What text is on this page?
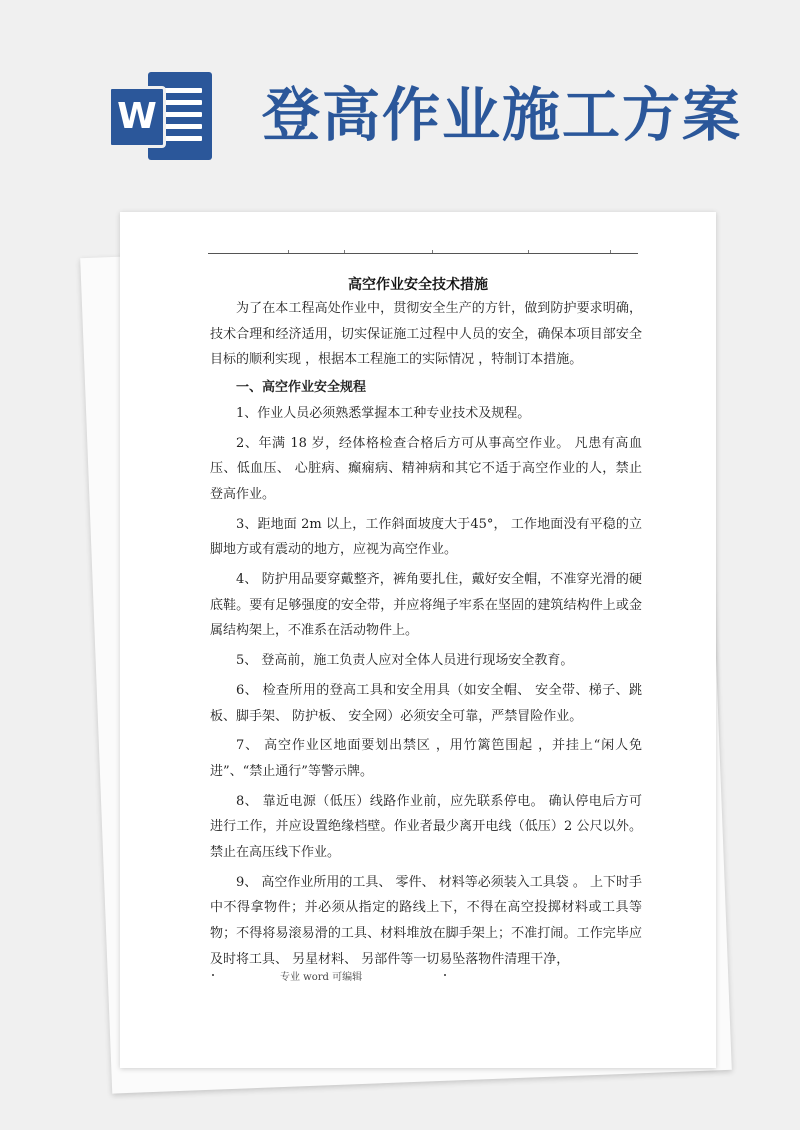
W 登高作业施工方案
高空作业安全技术措施

为了在本工程高处作业中，贯彻安全生产的方针，做到防护要求明确，技术合理和经济适用，切实保证施工过程中人员的安全，确保本项目部安全目标的顺利实现 ，根据本工程施工的实际情况 ，特制订本措施。

一、高空作业安全规程

1、作业人员必须熟悉掌握本工种专业技术及规程。

2、年满 18 岁，经体格检查合格后方可从事高空作业。 凡患有高血压、低血压、 心脏病、癫痫病、精神病和其它不适于高空作业的人，禁止登高作业。

3、距地面 2m 以上，工作斜面坡度大于45°， 工作地面没有平稳的立脚地方或有震动的地方，应视为高空作业。

4、 防护用品要穿戴整齐，裤角要扎住，戴好安全帽，不准穿光滑的硬底鞋。要有足够强度的安全带，并应将绳子牢系在坚固的建筑结构件上或金属结构架上，不准系在活动物件上。

5、 登高前，施工负责人应对全体人员进行现场安全教育。

6、 检查所用的登高工具和安全用具（如安全帽、 安全带、梯子、跳板、脚手架、 防护板、 安全网）必须安全可靠，严禁冒险作业。

7、 高空作业区地面要划出禁区 ，用竹篱笆围起 ，并挂上“闲人免进”、“禁止通行”等警示牌。

8、 靠近电源（低压）线路作业前，应先联系停电。 确认停电后方可进行工作，并应设置绝缘档壁。作业者最少离开电线（低压）2 公尺以外。禁止在高压线下作业。

9、 高空作业所用的工具、 零件、 材料等必须装入工具袋 。 上下时手中不得拿物件；并必须从指定的路线上下，不得在高空投掷材料或工具等物；不得将易滚易滑的工具、材料堆放在脚手架上；不准打闹。工作完毕应及时将工具、 另星材料、 另部件等一切易坠落物件清理干净，

专业 word 可编辑
